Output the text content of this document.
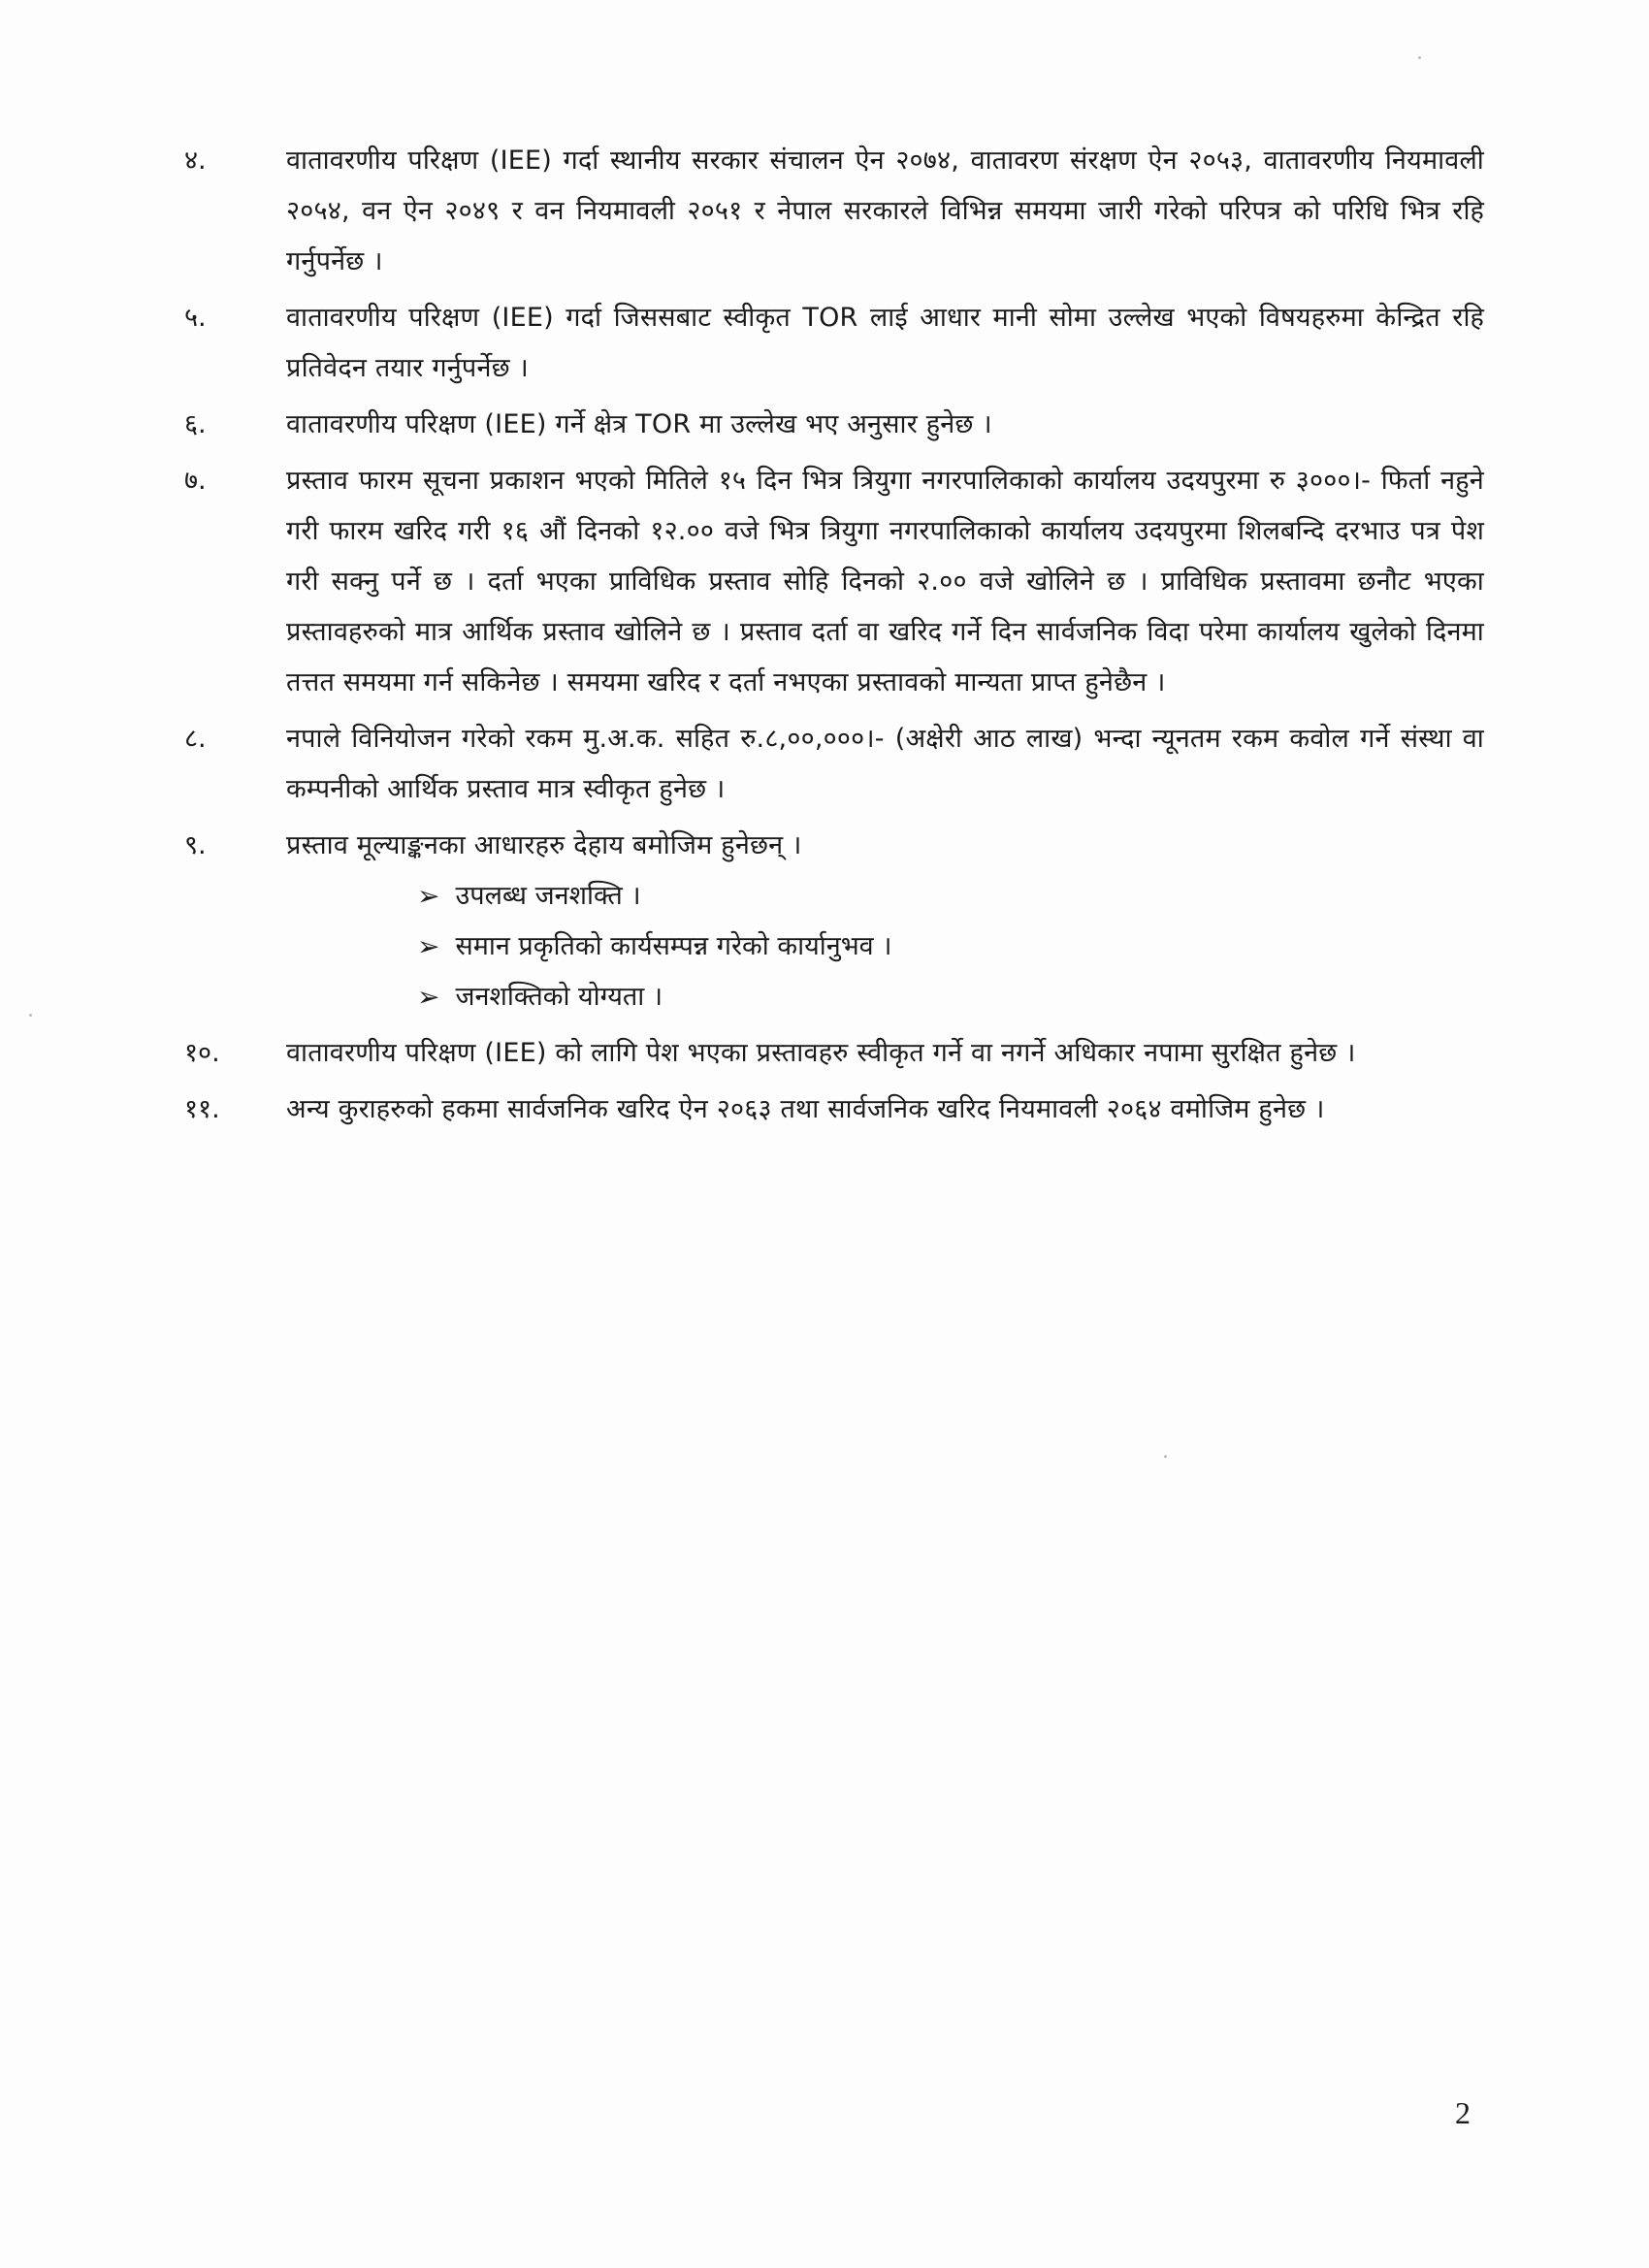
४.	वातावरणीय परिक्षण (IEE) गर्दा स्थानीय सरकार संचालन ऐन २०७४, वातावरण संरक्षण ऐन २०५३, वातावरणीय नियमावली २०५४, वन ऐन २०४९ र वन नियमावली २०५१ र नेपाल सरकारले विभिन्न समयमा जारी गरेको परिपत्र को परिधि भित्र रहि गर्नुपर्नेछ ।
५.	वातावरणीय परिक्षण (IEE) गर्दा जिससबाट स्वीकृत TOR लाई आधार मानी सोमा उल्लेख भएको विषयहरुमा केन्द्रित रहि प्रतिवेदन तयार गर्नुपर्नेछ ।
६.	वातावरणीय परिक्षण (IEE) गर्ने क्षेत्र TOR मा उल्लेख भए अनुसार हुनेछ ।
७.	प्रस्ताव फारम सूचना प्रकाशन भएको मितिले १५ दिन भित्र त्रियुगा नगरपालिकाको कार्यालय उदयपुरमा रु ३०००।- फिर्ता नहुने गरी फारम खरिद गरी १६ औं दिनको १२.०० वजे भित्र त्रियुगा नगरपालिकाको कार्यालय उदयपुरमा शिलबन्दि दरभाउ पत्र पेश गरी सक्नु पर्ने छ । दर्ता भएका प्राविधिक प्रस्ताव सोहि दिनको २.०० वजे खोलिने छ । प्राविधिक प्रस्तावमा छनौट भएका प्रस्तावहरुको मात्र आर्थिक प्रस्ताव खोलिने छ । प्रस्ताव दर्ता वा खरिद गर्ने दिन सार्वजनिक विदा परेमा कार्यालय खुलेको दिनमा तत्तत समयमा गर्न सकिनेछ । समयमा खरिद र दर्ता नभएका प्रस्तावको मान्यता प्राप्त हुनेछैन ।
८.	नपाले विनियोजन गरेको रकम मु.अ.क. सहित रु.८,००,०००।- (अक्षेरी आठ लाख) भन्दा न्यूनतम रकम कवोल गर्ने संस्था वा कम्पनीको आर्थिक प्रस्ताव मात्र स्वीकृत हुनेछ ।
९.	प्रस्ताव मूल्याङ्कनका आधारहरु देहाय बमोजिम हुनेछन् ।
➢ उपलब्ध जनशक्ति ।
➢ समान प्रकृतिको कार्यसम्पन्न गरेको कार्यानुभव ।
➢ जनशक्तिको योग्यता ।
१०.	वातावरणीय परिक्षण (IEE) को लागि पेश भएका प्रस्तावहरु स्वीकृत गर्ने वा नगर्ने अधिकार नपामा सुरक्षित हुनेछ ।
११.	अन्य कुराहरुको हकमा सार्वजनिक खरिद ऐन २०६३ तथा सार्वजनिक खरिद नियमावली २०६४ वमोजिम हुनेछ ।
2
